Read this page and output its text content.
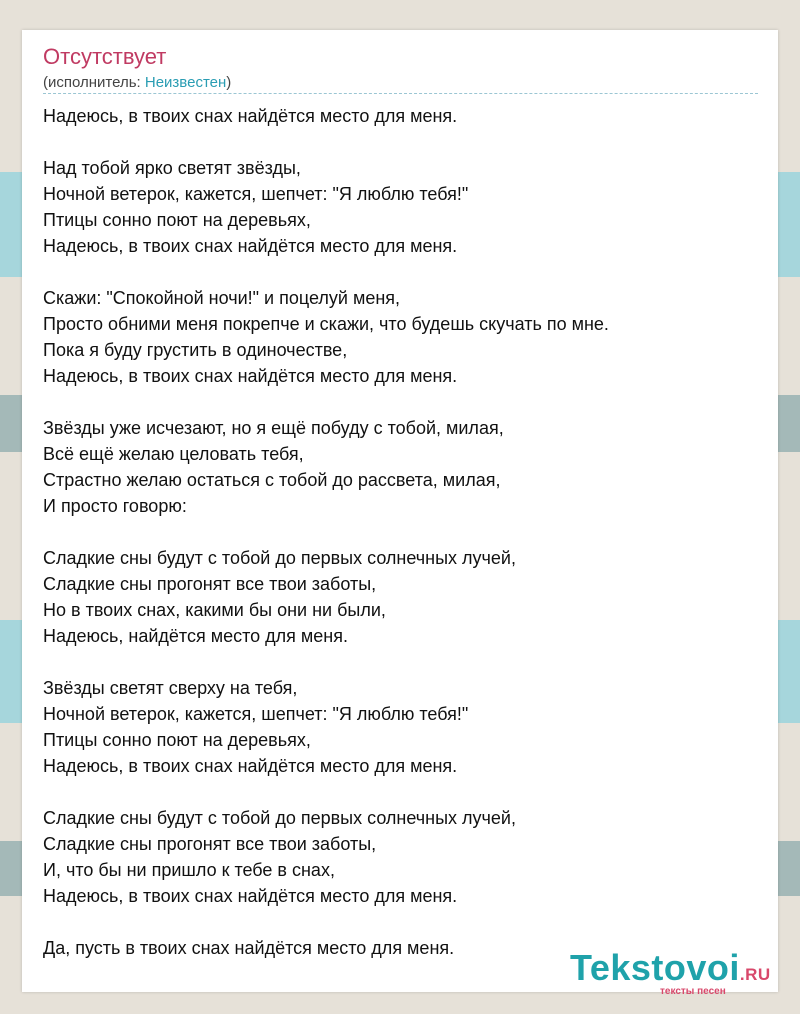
Отсутствует
(исполнитель: Неизвестен)
Надеюсь, в твоих снах найдётся место для меня.
Над тобой ярко светят звёзды,
Ночной ветерок, кажется, шепчет: "Я люблю тебя!"
Птицы сонно поют на деревьях,
Надеюсь, в твоих снах найдётся место для меня.
Скажи: "Спокойной ночи!" и поцелуй меня,
Просто обними меня покрепче и скажи, что будешь скучать по мне.
Пока я буду грустить в одиночестве,
Надеюсь, в твоих снах найдётся место для меня.
Звёзды уже исчезают, но я ещё побуду с тобой, милая,
Всё ещё желаю целовать тебя,
Страстно желаю остаться с тобой до рассвета, милая,
И просто говорю:
Сладкие сны будут с тобой до первых солнечных лучей,
Сладкие сны прогонят все твои заботы,
Но в твоих снах, какими бы они ни были,
Надеюсь, найдётся место для меня.
Звёзды светят сверху на тебя,
Ночной ветерок, кажется, шепчет: "Я люблю тебя!"
Птицы сонно поют на деревьях,
Надеюсь, в твоих снах найдётся место для меня.
Сладкие сны будут с тобой до первых солнечных лучей,
Сладкие сны прогонят все твои заботы,
И, что бы ни пришло к тебе в снах,
Надеюсь, в твоих снах найдётся место для меня.
Да, пусть в твоих снах найдётся место для меня.	Tekstovoi.RU
тексты песен
